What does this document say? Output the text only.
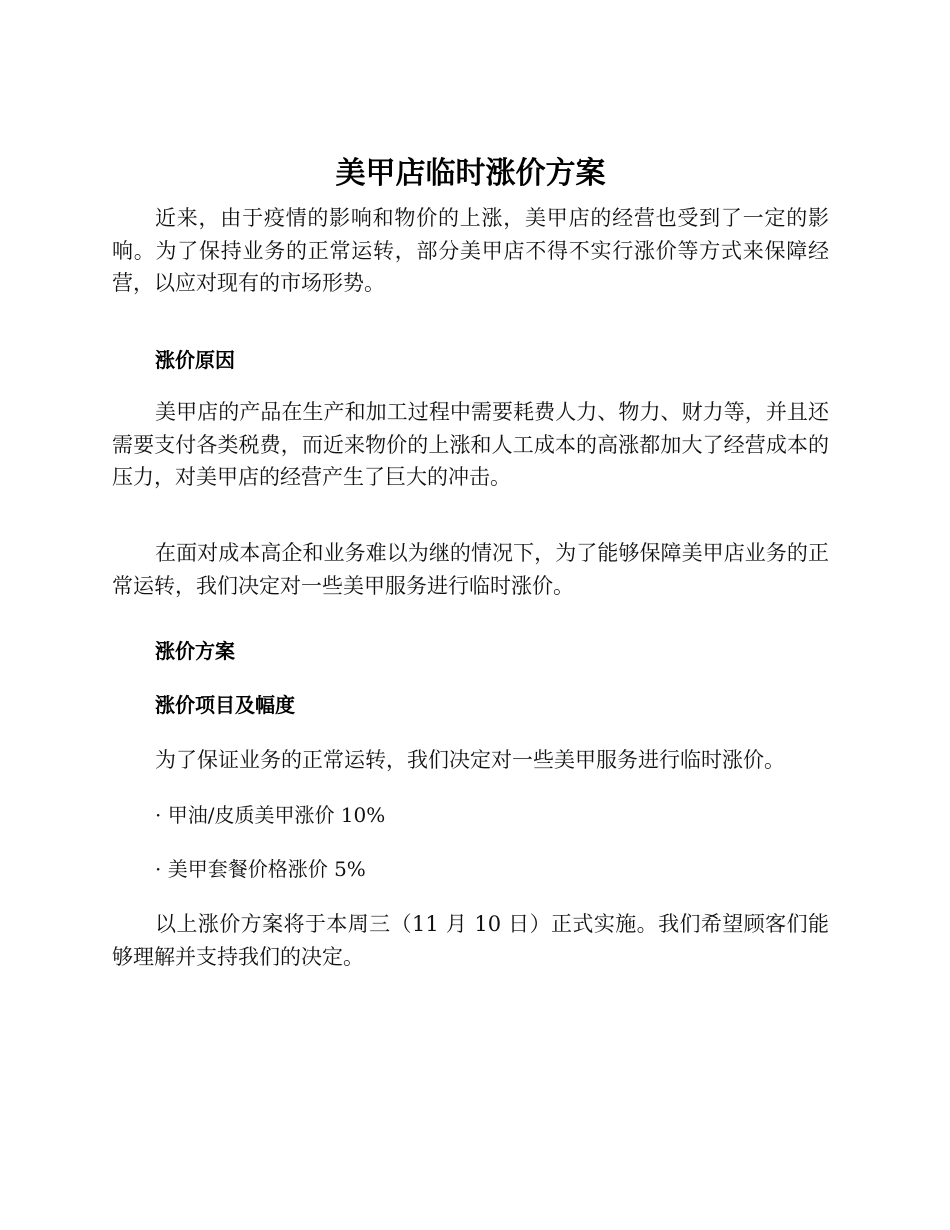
美甲店临时涨价方案

近来，由于疫情的影响和物价的上涨，美甲店的经营也受到了一定的影响。为了保持业务的正常运转，部分美甲店不得不实行涨价等方式来保障经营，以应对现有的市场形势。

涨价原因

美甲店的产品在生产和加工过程中需要耗费人力、物力、财力等，并且还需要支付各类税费，而近来物价的上涨和人工成本的高涨都加大了经营成本的压力，对美甲店的经营产生了巨大的冲击。

在面对成本高企和业务难以为继的情况下，为了能够保障美甲店业务的正常运转，我们决定对一些美甲服务进行临时涨价。

涨价方案
涨价项目及幅度

为了保证业务的正常运转，我们决定对一些美甲服务进行临时涨价。

· 甲油/皮质美甲涨价 10%

· 美甲套餐价格涨价 5%

以上涨价方案将于本周三（11 月 10 日）正式实施。我们希望顾客们能够理解并支持我们的决定。
